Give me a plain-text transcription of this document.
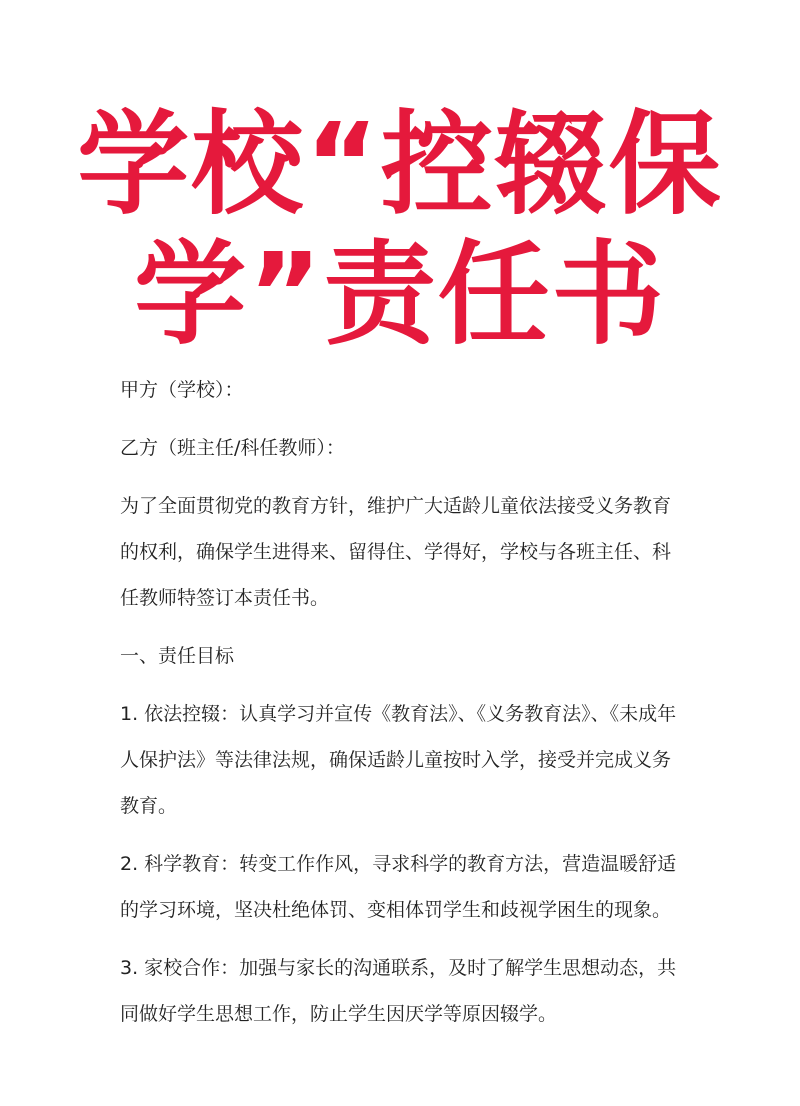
学校“控辍保
学”责任书

甲方（学校）：

乙方（班主任/科任教师）：

为了全面贯彻党的教育方针，维护广大适龄儿童依法接受义务教育的权利，确保学生进得来、留得住、学得好，学校与各班主任、科任教师特签订本责任书。

一、责任目标

1. 依法控辍：认真学习并宣传《教育法》、《义务教育法》、《未成年人保护法》等法律法规，确保适龄儿童按时入学，接受并完成义务教育。

2. 科学教育：转变工作作风，寻求科学的教育方法，营造温暖舒适的学习环境，坚决杜绝体罚、变相体罚学生和歧视学困生的现象。

3. 家校合作：加强与家长的沟通联系，及时了解学生思想动态，共同做好学生思想工作，防止学生因厌学等原因辍学。
